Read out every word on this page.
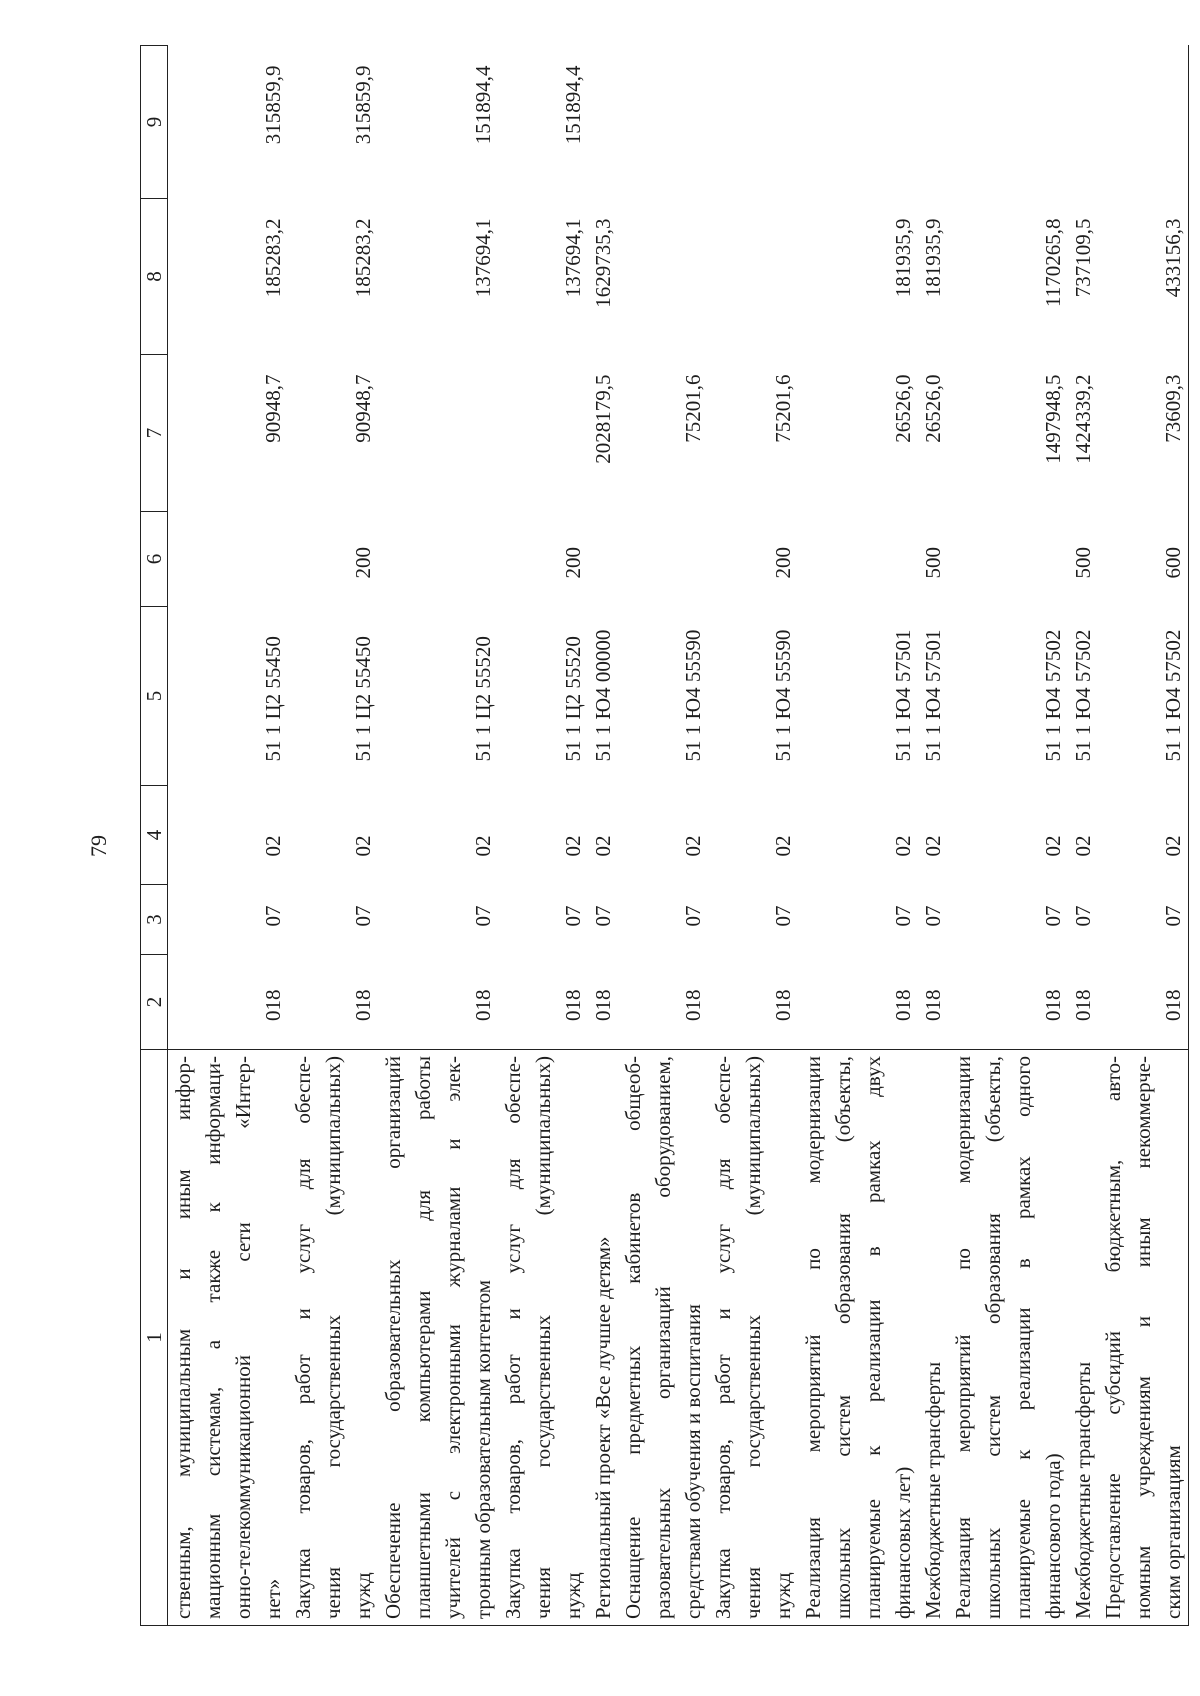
79
1	2	3	4	5	6	7	8	9

ственным, муниципальным и иным инфор- мационным системам, а также к информаци- онно-телекоммуникационной сети «Интер- нет»	018	07	02	51 1 Ц2 55450		90948,7	185283,2	315859,9

Закупка товаров, работ и услуг для обеспе- чения государственных (муниципальных) нужд	018	07	02	51 1 Ц2 55450	200	90948,7	185283,2	315859,9

Обеспечение образовательных организаций планшетными компьютерами для работы учителей с электронными журналами и элек- тронным образовательным контентом	018	07	02	51 1 Ц2 55520			137694,1	151894,4

Закупка товаров, работ и услуг для обеспе- чения государственных (муниципальных) нужд	018	07	02	51 1 Ц2 55520	200		137694,1	151894,4

Региональный проект «Все лучшее детям»	018	07	02	51 1 Ю4 00000		2028179,5	1629735,3	

Оснащение предметных кабинетов общеоб- разовательных организаций оборудованием, средствами обучения и воспитания	018	07	02	51 1 Ю4 55590		75201,6		

Закупка товаров, работ и услуг для обеспе- чения государственных (муниципальных) нужд	018	07	02	51 1 Ю4 55590	200	75201,6		

Реализация мероприятий по модернизации школьных систем образования (объекты, планируемые к реализации в рамках двух финансовых лет)	018	07	02	51 1 Ю4 57501		26526,0	181935,9	

Межбюджетные трансферты	018	07	02	51 1 Ю4 57501	500	26526,0	181935,9	

Реализация мероприятий по модернизации школьных систем образования (объекты, планируемые к реализации в рамках одного финансового года)	018	07	02	51 1 Ю4 57502		1497948,5	1170265,8	

Межбюджетные трансферты	018	07	02	51 1 Ю4 57502	500	1424339,2	737109,5	

Предоставление субсидий бюджетным, авто- номным учреждениям и иным некоммерче- ским организациям	018	07	02	51 1 Ю4 57502	600	73609,3	433156,3	
